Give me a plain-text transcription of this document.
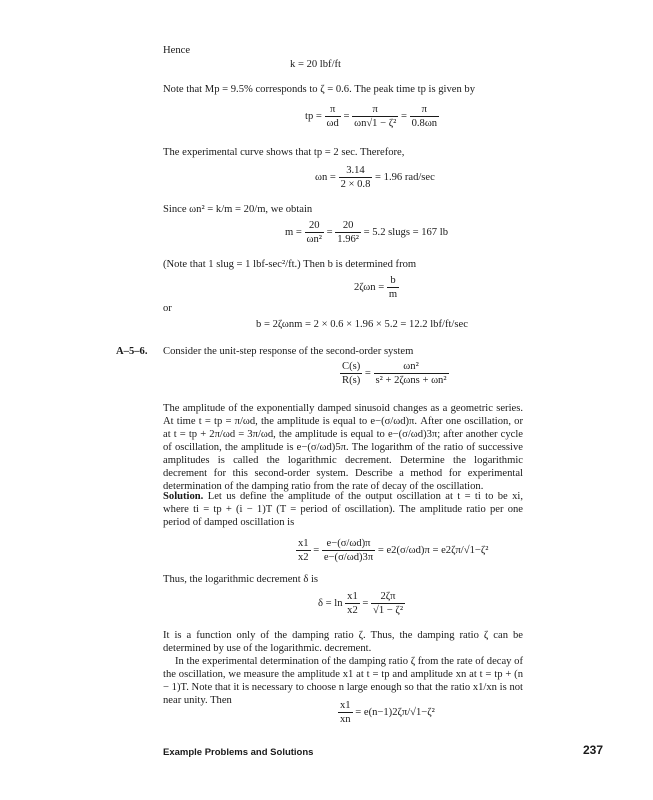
Hence
k = 20 lbf/ft
Note that Mp = 9.5% corresponds to ζ = 0.6. The peak time tp is given by
tp = $\frac{\pi}{\omega d} = \frac{\pi}{\text{ωn√1 − ζ²}} = \frac{\pi}{0.8\omega n}$
The experimental curve shows that tp = 2 sec. Therefore,
$\omega n = \frac{3.14}{2 \times 0.8} = 1.96$ rad/sec
Since ωn² = k/m = 20/m, we obtain
$m = \frac{20}{\text{ωn²}} = \frac{20}{\text{1.96²}} = 5.2$ slugs = 167 lb
(Note that 1 slug = 1 lbf-sec²/ft.) Then b is determined from
$2\zeta\omega n = \frac{b}{m}$
or
b = 2ζωnm = 2 × 0.6 × 1.96 × 5.2 = 12.2 lbf/ft/sec
A–5–6. Consider the unit-step response of the second-order system
$\frac{C(s)}{R(s)} = \frac{\text{ωn²}}{\text{s² + 2ζωns + ωn²}}$
The amplitude of the exponentially damped sinusoid changes as a geometric series. At time t = tp = π/ωd, the amplitude is equal to e−(σ/ωd)π. After one oscillation, or at t = tp + 2π/ωd = 3π/ωd, the amplitude is equal to e−(σ/ωd)3π; after another cycle of oscillation, the amplitude is e−(σ/ωd)5π. The logarithm of the ratio of successive amplitudes is called the logarithmic decrement. Determine the logarithmic decrement for this second-order system. Describe a method for experimental determination of the damping ratio from the rate of decay of the oscillation.
Solution. Let us define the amplitude of the output oscillation at t = ti to be xi, where ti = tp + (i − 1)T (T = period of oscillation). The amplitude ratio per one period of damped oscillation is
$\frac{x1}{x2} = \frac{e-(\sigma/\omega d)\pi}{e-(\sigma/\omega d)3\pi} = e2(\sigma/\omega d)\pi = e2\zeta\pi/√1-\zeta^2$
Thus, the logarithmic decrement δ is
$\delta = \ln \frac{x1}{x2} = \frac{2\zeta\pi}{\text{√1 − ζ²}}$
It is a function only of the damping ratio ζ. Thus, the damping ratio ζ can be determined by use of the logarithmic. decrement.
In the experimental determination of the damping ratio ζ from the rate of decay of the oscillation, we measure the amplitude x1 at t = tp and amplitude xn at t = tp + (n − 1)T. Note that it is necessary to choose n large enough so that the ratio x1/xn is not near unity. Then	$\frac{x1}{xn} = e(n-1)2\zeta\pi/√1-\zeta^2$
Example Problems and Solutions	237
